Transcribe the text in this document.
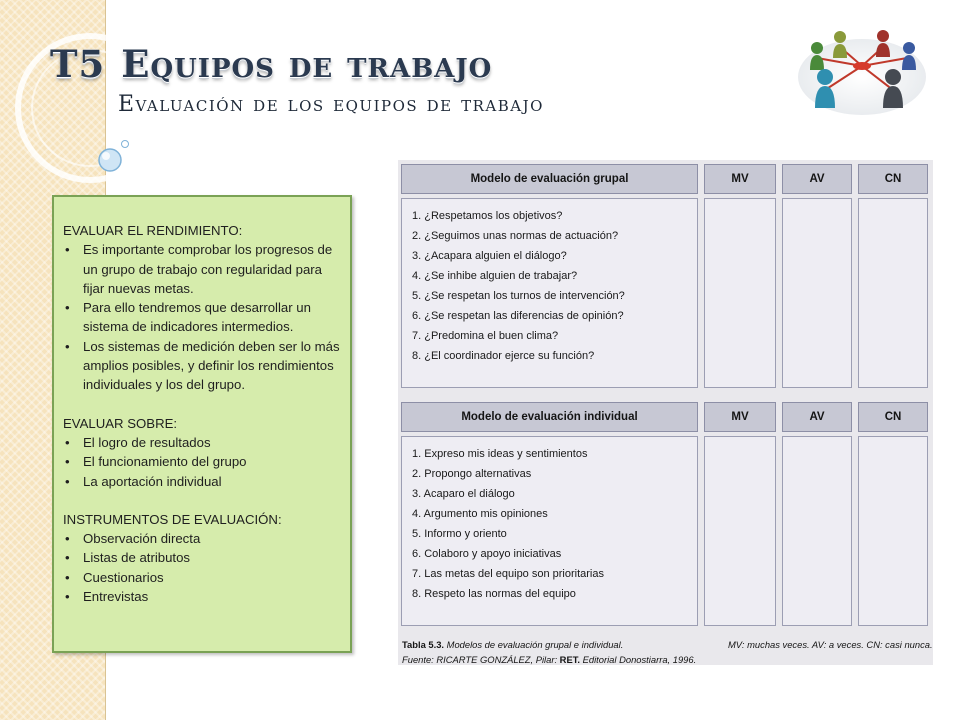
T5 Equipos de trabajo
Evaluación de los equipos de trabajo

EVALUAR EL RENDIMIENTO:

• Es importante comprobar los progresos de un grupo de trabajo con regularidad para fijar nuevas metas.
• Para ello tendremos que desarrollar un sistema de indicadores intermedios.
• Los sistemas de medición deben ser lo más amplios posibles, y definir los rendimientos individuales y los del grupo.

EVALUAR SOBRE:

• El logro de resultados
• El funcionamiento del grupo
• La aportación individual

INSTRUMENTOS DE EVALUACIÓN:

• Observación directa
• Listas de atributos
• Cuestionarios
• Entrevistas
Modelo de evaluación grupal	MV	AV	CN
1. ¿Respetamos los objetivos?
2. ¿Seguimos unas normas de actuación?
3. ¿Acapara alguien el diálogo?
4. ¿Se inhibe alguien de trabajar?
5. ¿Se respetan los turnos de intervención?
6. ¿Se respetan las diferencias de opinión?
7. ¿Predomina el buen clima?
8. ¿El coordinador ejerce su función?
Modelo de evaluación individual	MV	AV	CN
1. Expreso mis ideas y sentimientos
2. Propongo alternativas
3. Acaparo el diálogo
4. Argumento mis opiniones
5. Informo y oriento
6. Colaboro y apoyo iniciativas
7. Las metas del equipo son prioritarias
8. Respeto las normas del equipo
Tabla 5.3. Modelos de evaluación grupal e individual.
Fuente: RICARTE GONZÁLEZ, Pilar: RET. Editorial Donostiarra, 1996.
MV: muchas veces. AV: a veces. CN: casi nunca.
